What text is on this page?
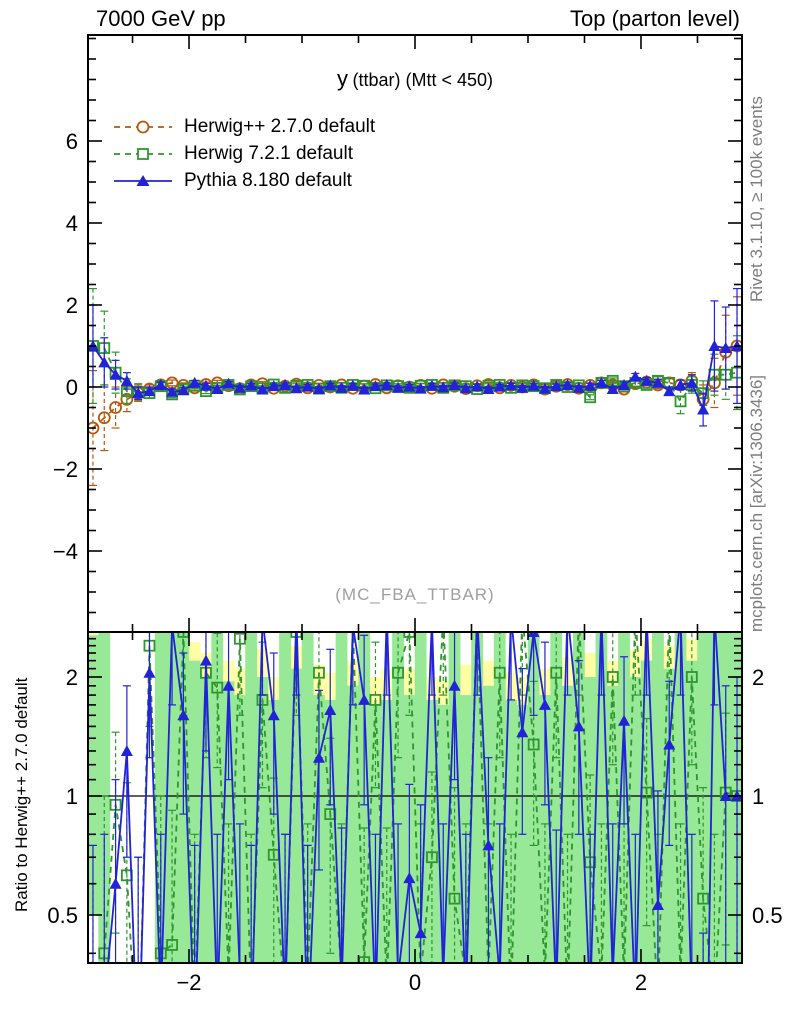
−2	0	2
−4
−2
0
2
4
6
0.5	0.5
1	1
2	2
7000 GeV pp	Top (parton level)
y (ttbar) (Mtt < 450)
Herwig++ 2.7.0 default
Herwig 7.2.1 default
Pythia 8.180 default
(MC_FBA_TTBAR)
Rivet 3.1.10, ≥ 100k events
mcplots.cern.ch [arXiv:1306.3436]
Ratio to Herwig++ 2.7.0 default
